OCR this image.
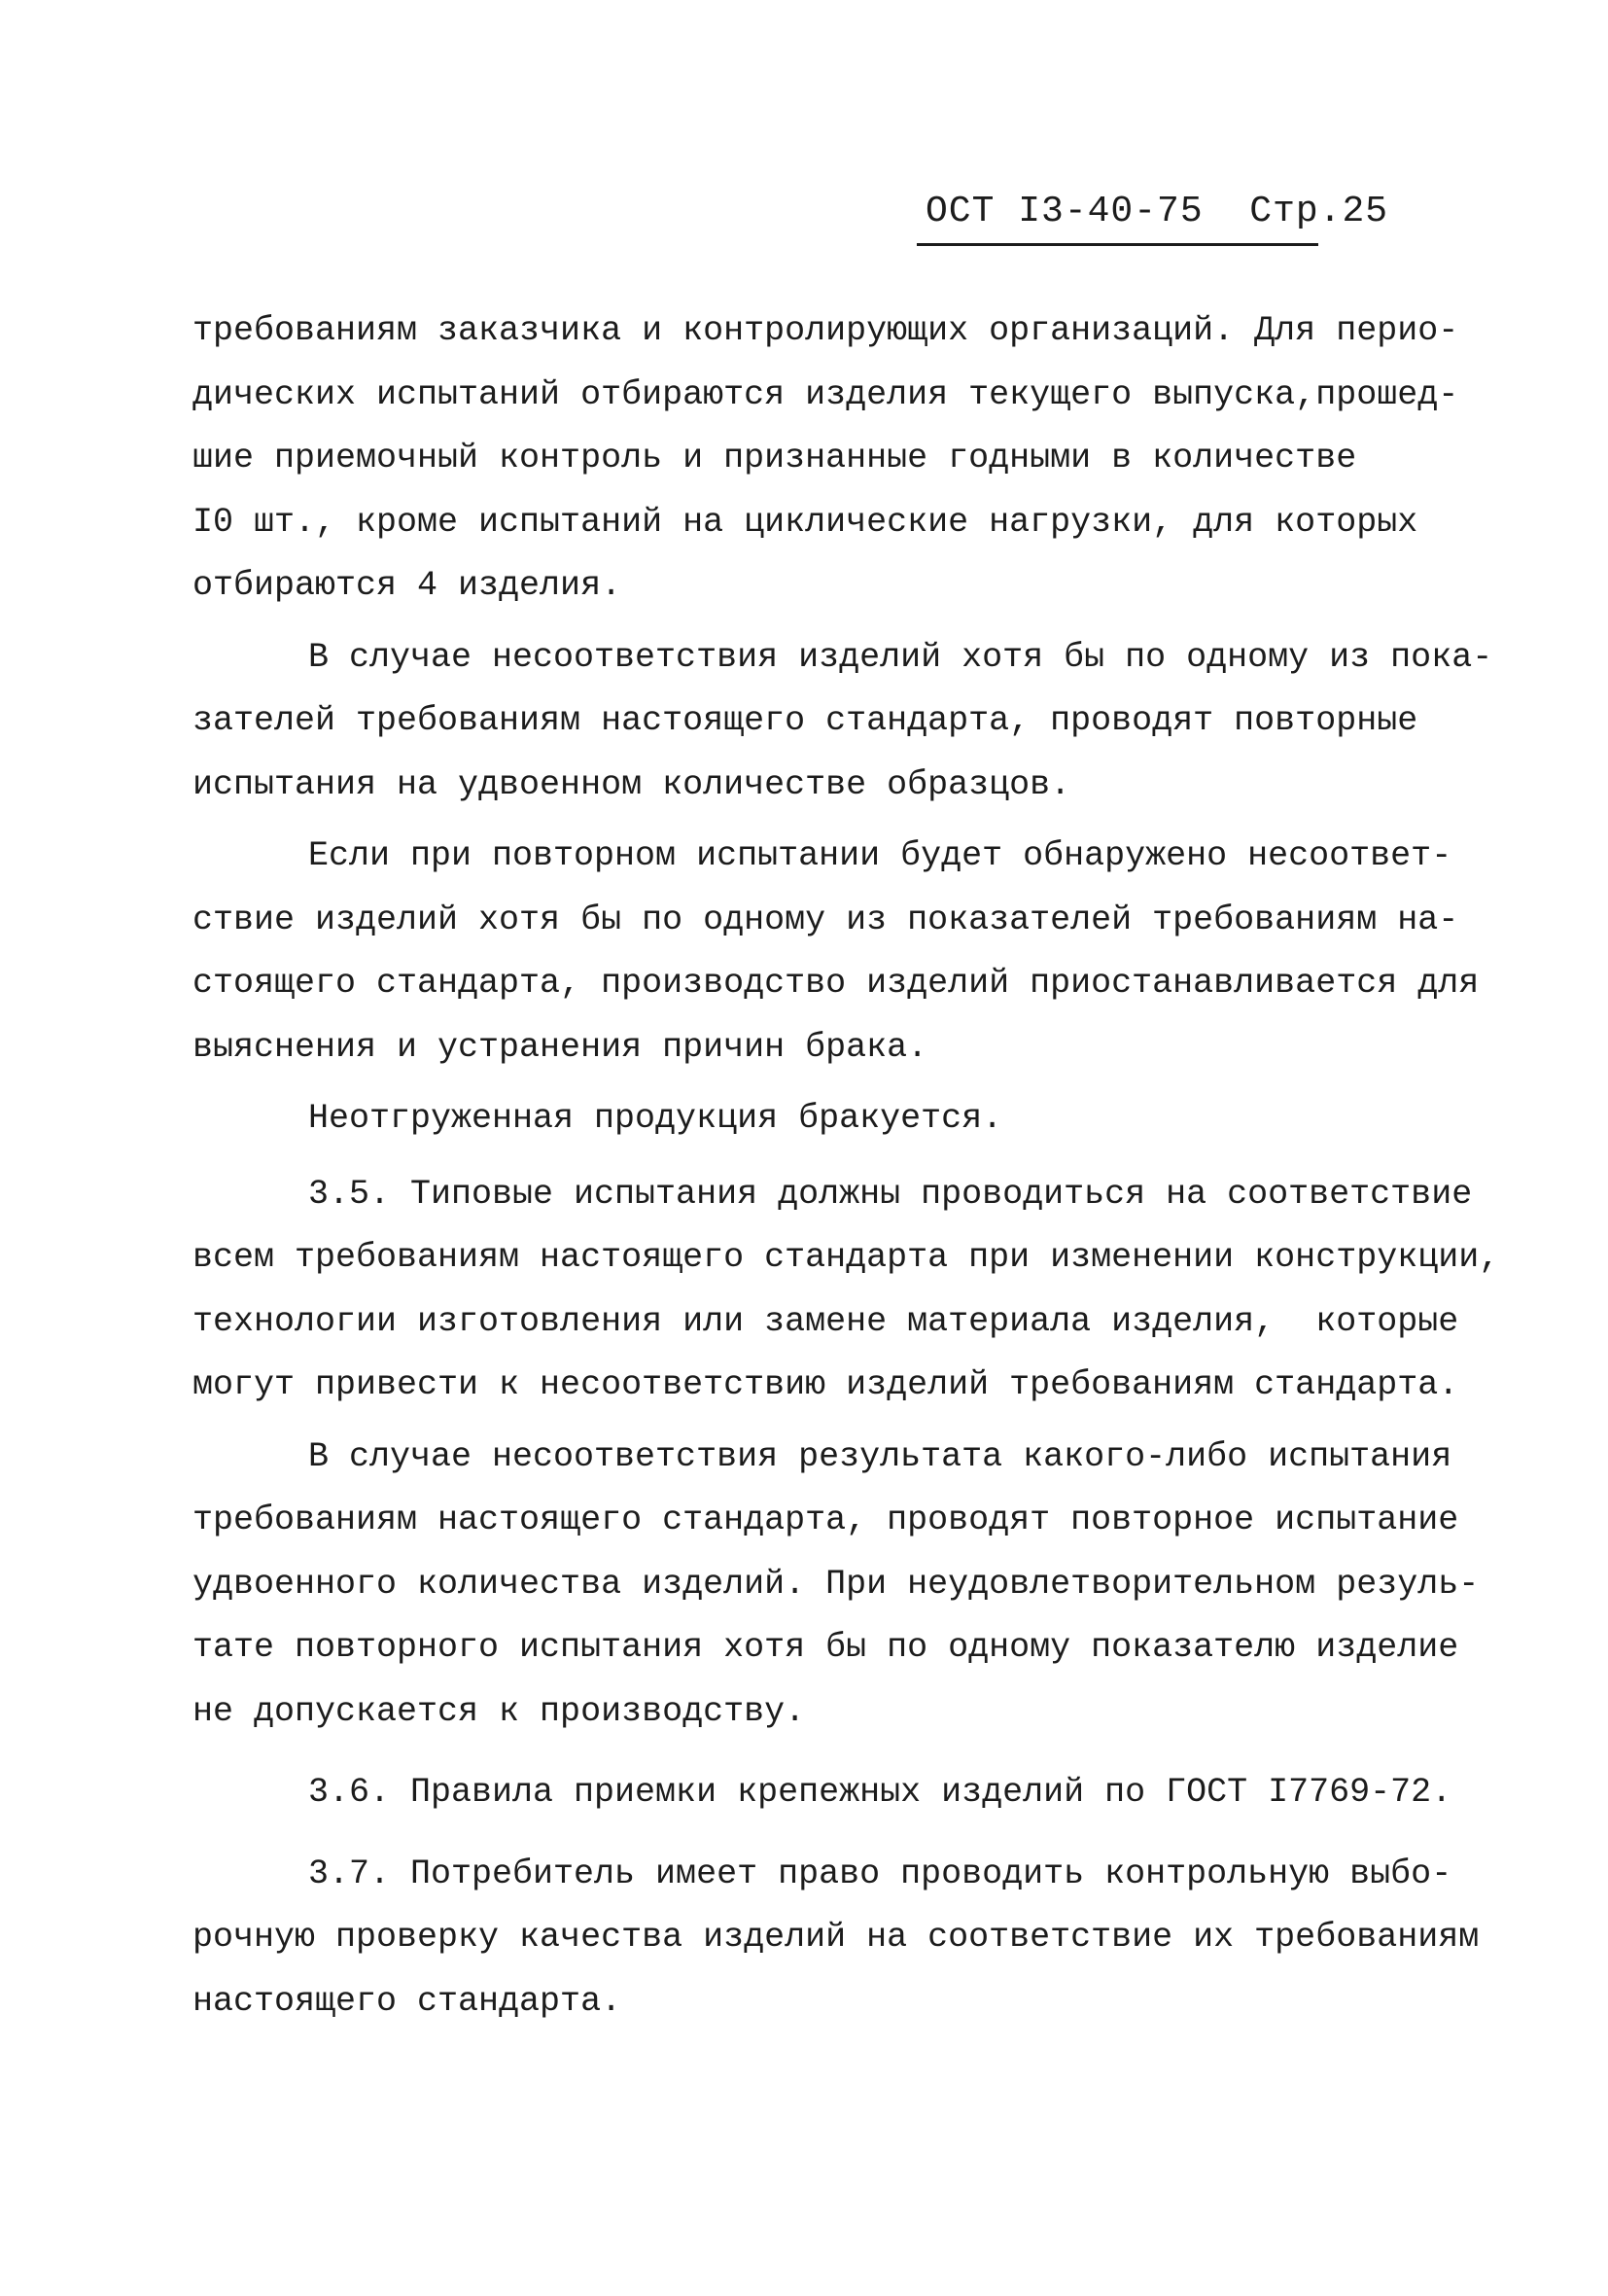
ОСТ I3-40-75 Стр.25
требованиям заказчика и контролирующих организаций. Для перио-
дических испытаний отбираются изделия текущего выпуска,прошед-
шие приемочный контроль и признанные годными в количестве
I0 шт., кроме испытаний на циклические нагрузки, для которых
отбираются 4 изделия.
В случае несоответствия изделий хотя бы по одному из пока-
зателей требованиям настоящего стандарта, проводят повторные
испытания на удвоенном количестве образцов.
Если при повторном испытании будет обнаружено несоответ-
ствие изделий хотя бы по одному из показателей требованиям на-
стоящего стандарта, производство изделий приостанавливается для
выяснения и устранения причин брака.
Неотгруженная продукция бракуется.
3.5. Типовые испытания должны проводиться на соответствие
всем требованиям настоящего стандарта при изменении конструкции,
технологии изготовления или замене материала изделия,  которые
могут привести к несоответствию изделий требованиям стандарта.
В случае несоответствия результата какого-либо испытания
требованиям настоящего стандарта, проводят повторное испытание
удвоенного количества изделий. При неудовлетворительном резуль-
тате повторного испытания хотя бы по одному показателю изделие
не допускается к производству.
3.6. Правила приемки крепежных изделий по ГОСТ I7769-72.
3.7. Потребитель имеет право проводить контрольную выбо-
рочную проверку качества изделий на соответствие их требованиям
настоящего стандарта.
